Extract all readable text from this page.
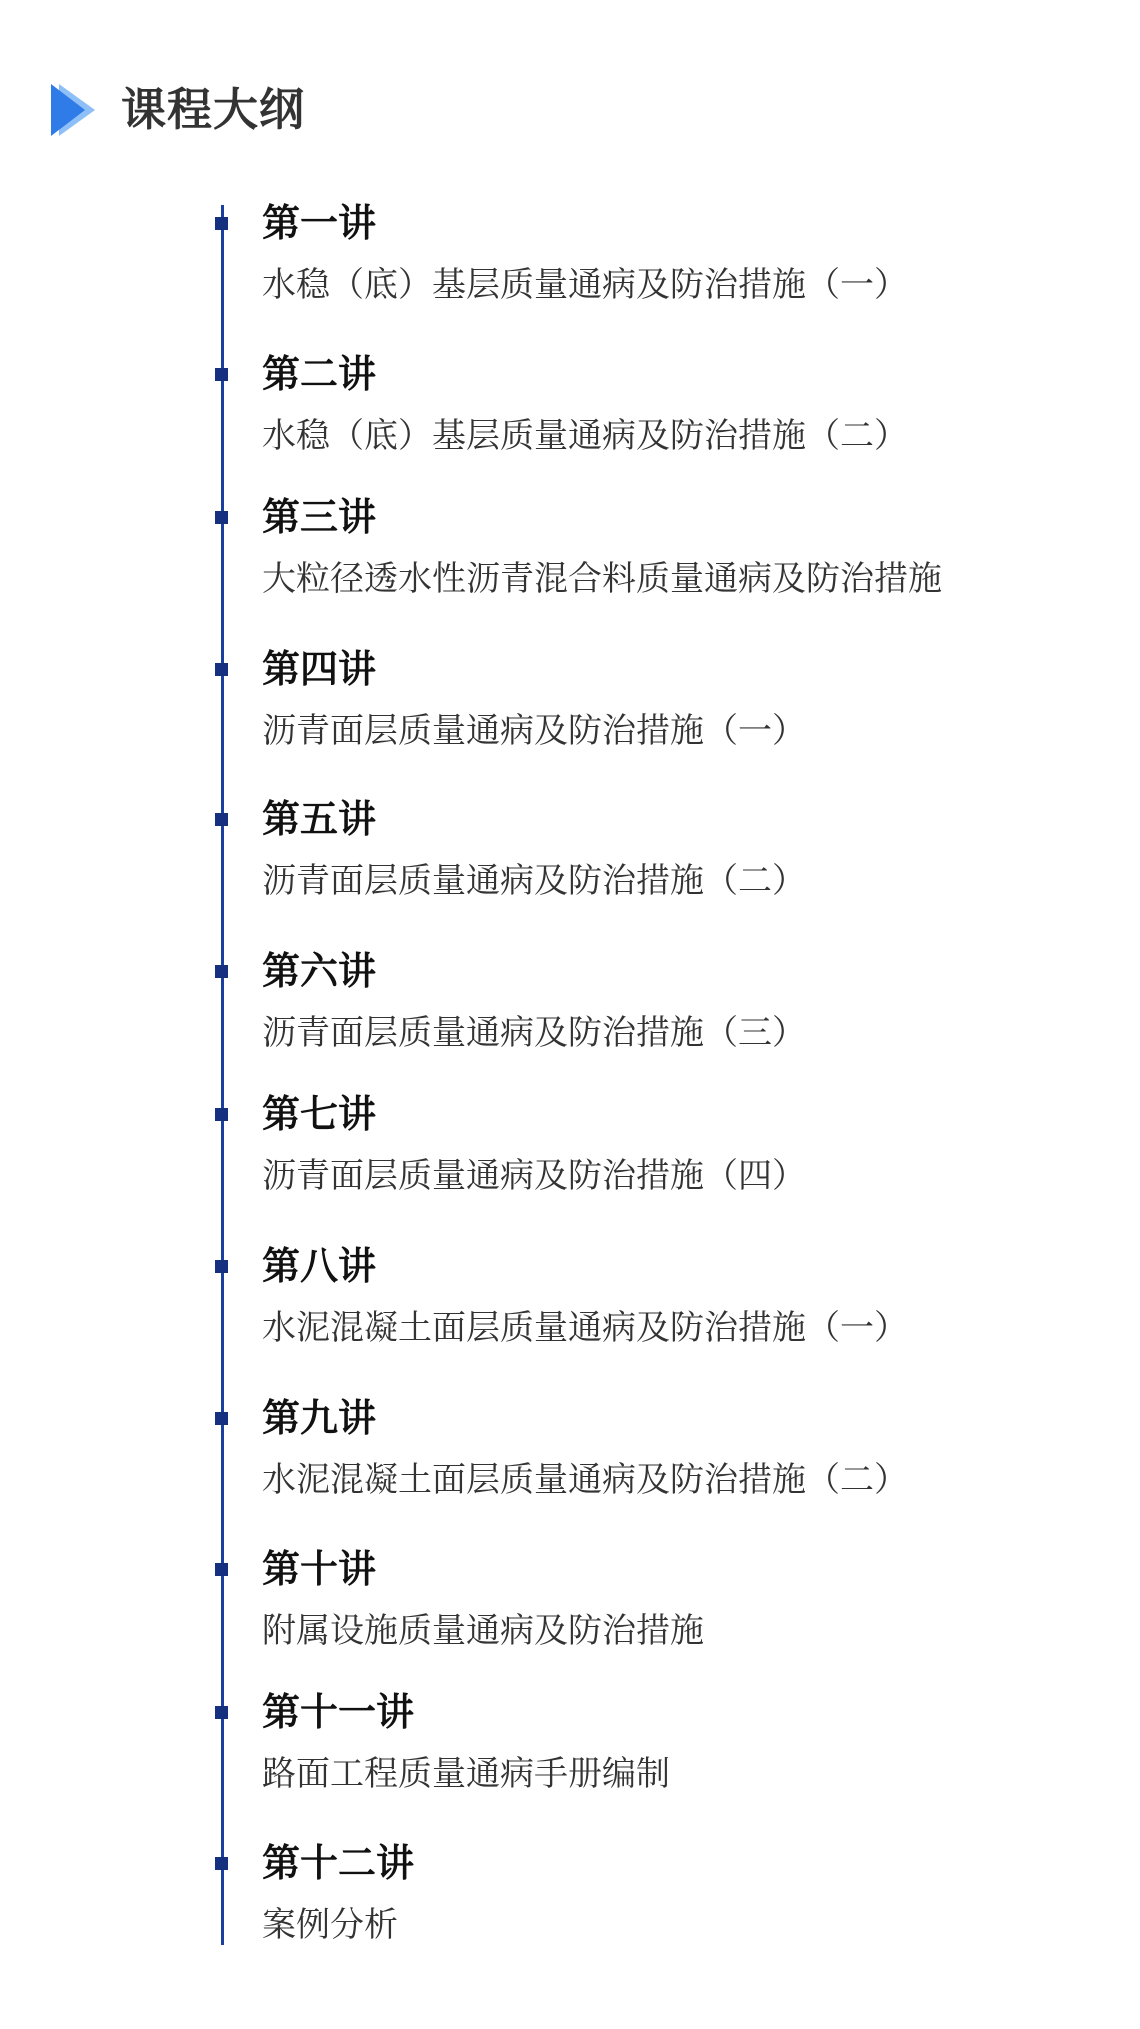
课程大纲
第一讲
水稳（底）基层质量通病及防治措施（一）
第二讲
水稳（底）基层质量通病及防治措施（二）
第三讲
大粒径透水性沥青混合料质量通病及防治措施
第四讲
沥青面层质量通病及防治措施（一）
第五讲
沥青面层质量通病及防治措施（二）
第六讲
沥青面层质量通病及防治措施（三）
第七讲
沥青面层质量通病及防治措施（四）
第八讲
水泥混凝土面层质量通病及防治措施（一）
第九讲
水泥混凝土面层质量通病及防治措施（二）
第十讲
附属设施质量通病及防治措施
第十一讲
路面工程质量通病手册编制
第十二讲
案例分析
